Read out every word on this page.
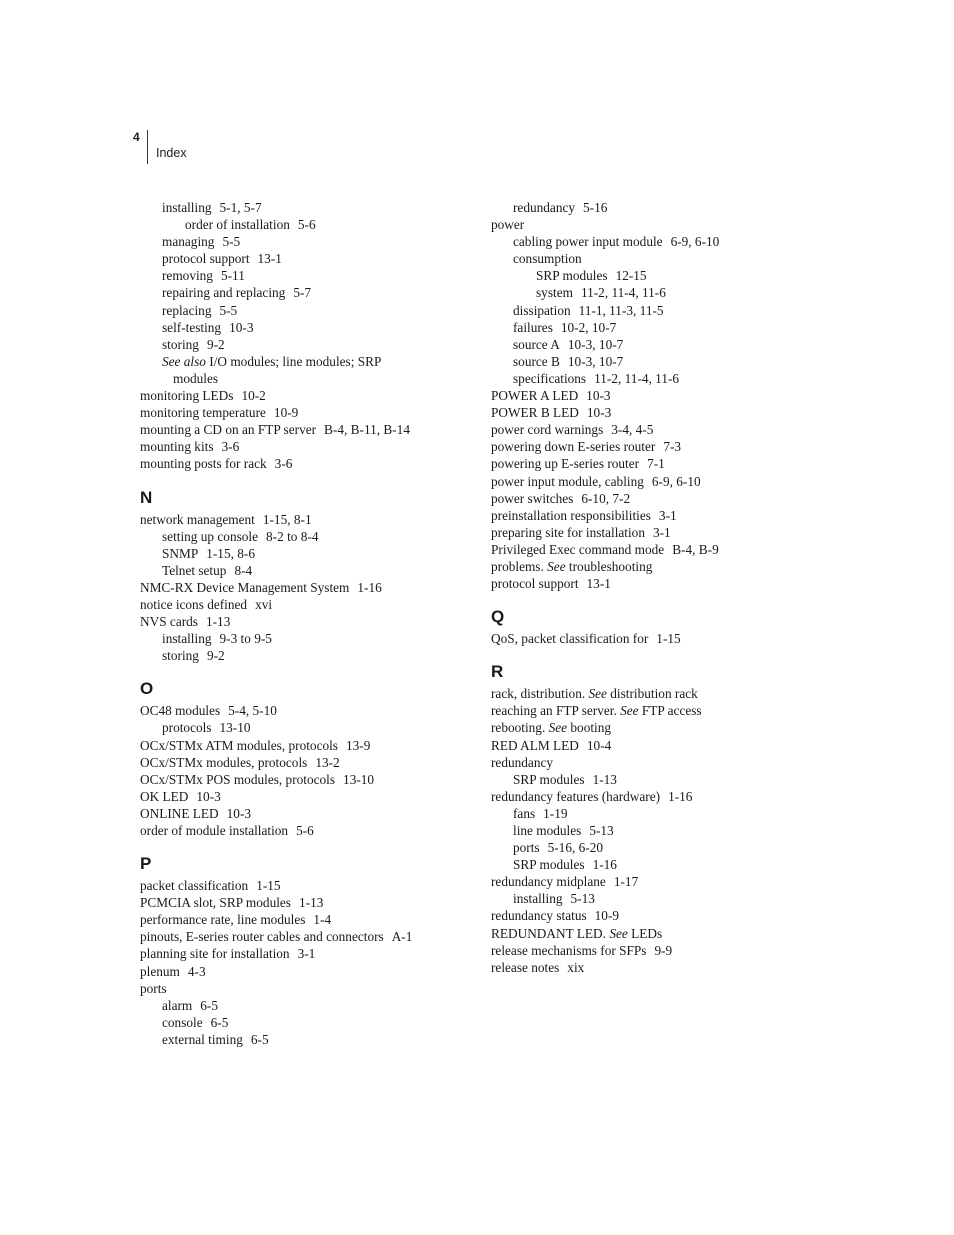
4
Index
installing 5-1, 5-7
order of installation 5-6
managing 5-5
protocol support 13-1
removing 5-11
repairing and replacing 5-7
replacing 5-5
self-testing 10-3
storing 9-2
See also I/O modules; line modules; SRP
modules
monitoring LEDs 10-2
monitoring temperature 10-9
mounting a CD on an FTP server B-4, B-11, B-14
mounting kits 3-6
mounting posts for rack 3-6
N
network management 1-15, 8-1
setting up console 8-2 to 8-4
SNMP 1-15, 8-6
Telnet setup 8-4
NMC-RX Device Management System 1-16
notice icons defined xvi
NVS cards 1-13
installing 9-3 to 9-5
storing 9-2
O
OC48 modules 5-4, 5-10
protocols 13-10
OCx/STMx ATM modules, protocols 13-9
OCx/STMx modules, protocols 13-2
OCx/STMx POS modules, protocols 13-10
OK LED 10-3
ONLINE LED 10-3
order of module installation 5-6
P
packet classification 1-15
PCMCIA slot, SRP modules 1-13
performance rate, line modules 1-4
pinouts, E-series router cables and connectors A-1
planning site for installation 3-1
plenum 4-3
ports
alarm 6-5
console 6-5
external timing 6-5
redundancy 5-16
power
cabling power input module 6-9, 6-10
consumption
SRP modules 12-15
system 11-2, 11-4, 11-6
dissipation 11-1, 11-3, 11-5
failures 10-2, 10-7
source A 10-3, 10-7
source B 10-3, 10-7
specifications 11-2, 11-4, 11-6
POWER A LED 10-3
POWER B LED 10-3
power cord warnings 3-4, 4-5
powering down E-series router 7-3
powering up E-series router 7-1
power input module, cabling 6-9, 6-10
power switches 6-10, 7-2
preinstallation responsibilities 3-1
preparing site for installation 3-1
Privileged Exec command mode B-4, B-9
problems. See troubleshooting
protocol support 13-1
Q
QoS, packet classification for 1-15
R
rack, distribution. See distribution rack
reaching an FTP server. See FTP access
rebooting. See booting
RED ALM LED 10-4
redundancy
SRP modules 1-13
redundancy features (hardware) 1-16
fans 1-19
line modules 5-13
ports 5-16, 6-20
SRP modules 1-16
redundancy midplane 1-17
installing 5-13
redundancy status 10-9
REDUNDANT LED. See LEDs
release mechanisms for SFPs 9-9
release notes xix
